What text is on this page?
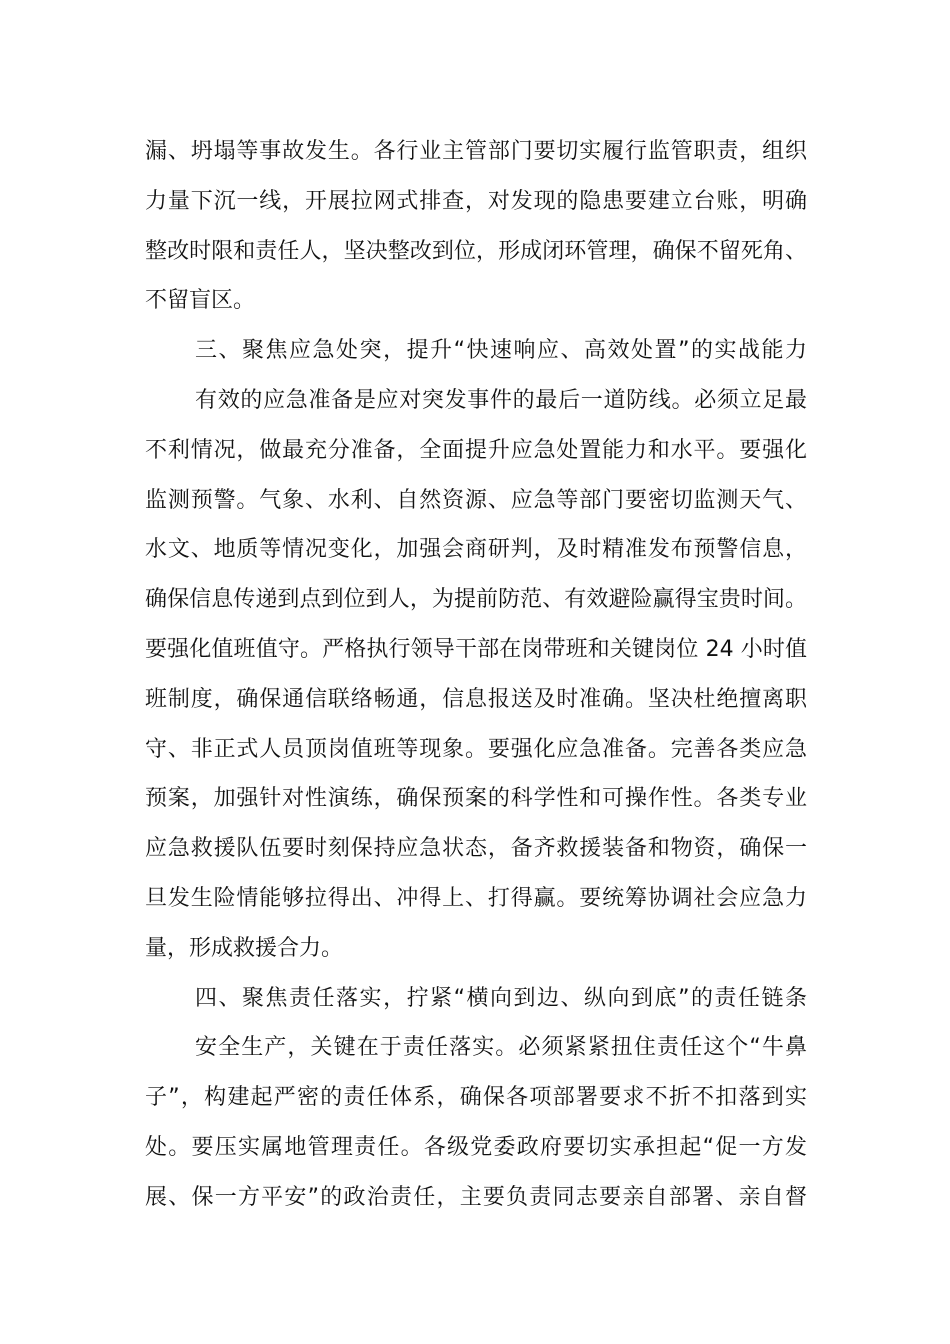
漏、坍塌等事故发生。各行业主管部门要切实履行监管职责，组织
力量下沉一线，开展拉网式排查，对发现的隐患要建立台账，明确
整改时限和责任人，坚决整改到位，形成闭环管理，确保不留死角、
不留盲区。
三、聚焦应急处突，提升“快速响应、高效处置”的实战能力
有效的应急准备是应对突发事件的最后一道防线。必须立足最
不利情况，做最充分准备，全面提升应急处置能力和水平。要强化
监测预警。气象、水利、自然资源、应急等部门要密切监测天气、
水文、地质等情况变化，加强会商研判，及时精准发布预警信息，
确保信息传递到点到位到人，为提前防范、有效避险赢得宝贵时间。
要强化值班值守。严格执行领导干部在岗带班和关键岗位 24 小时值
班制度，确保通信联络畅通，信息报送及时准确。坚决杜绝擅离职
守、非正式人员顶岗值班等现象。要强化应急准备。完善各类应急
预案，加强针对性演练，确保预案的科学性和可操作性。各类专业
应急救援队伍要时刻保持应急状态，备齐救援装备和物资，确保一
旦发生险情能够拉得出、冲得上、打得赢。要统筹协调社会应急力
量，形成救援合力。
四、聚焦责任落实，拧紧“横向到边、纵向到底”的责任链条
安全生产，关键在于责任落实。必须紧紧扭住责任这个“牛鼻
子”，构建起严密的责任体系，确保各项部署要求不折不扣落到实
处。要压实属地管理责任。各级党委政府要切实承担起“促一方发
展、保一方平安”的政治责任，主要负责同志要亲自部署、亲自督
